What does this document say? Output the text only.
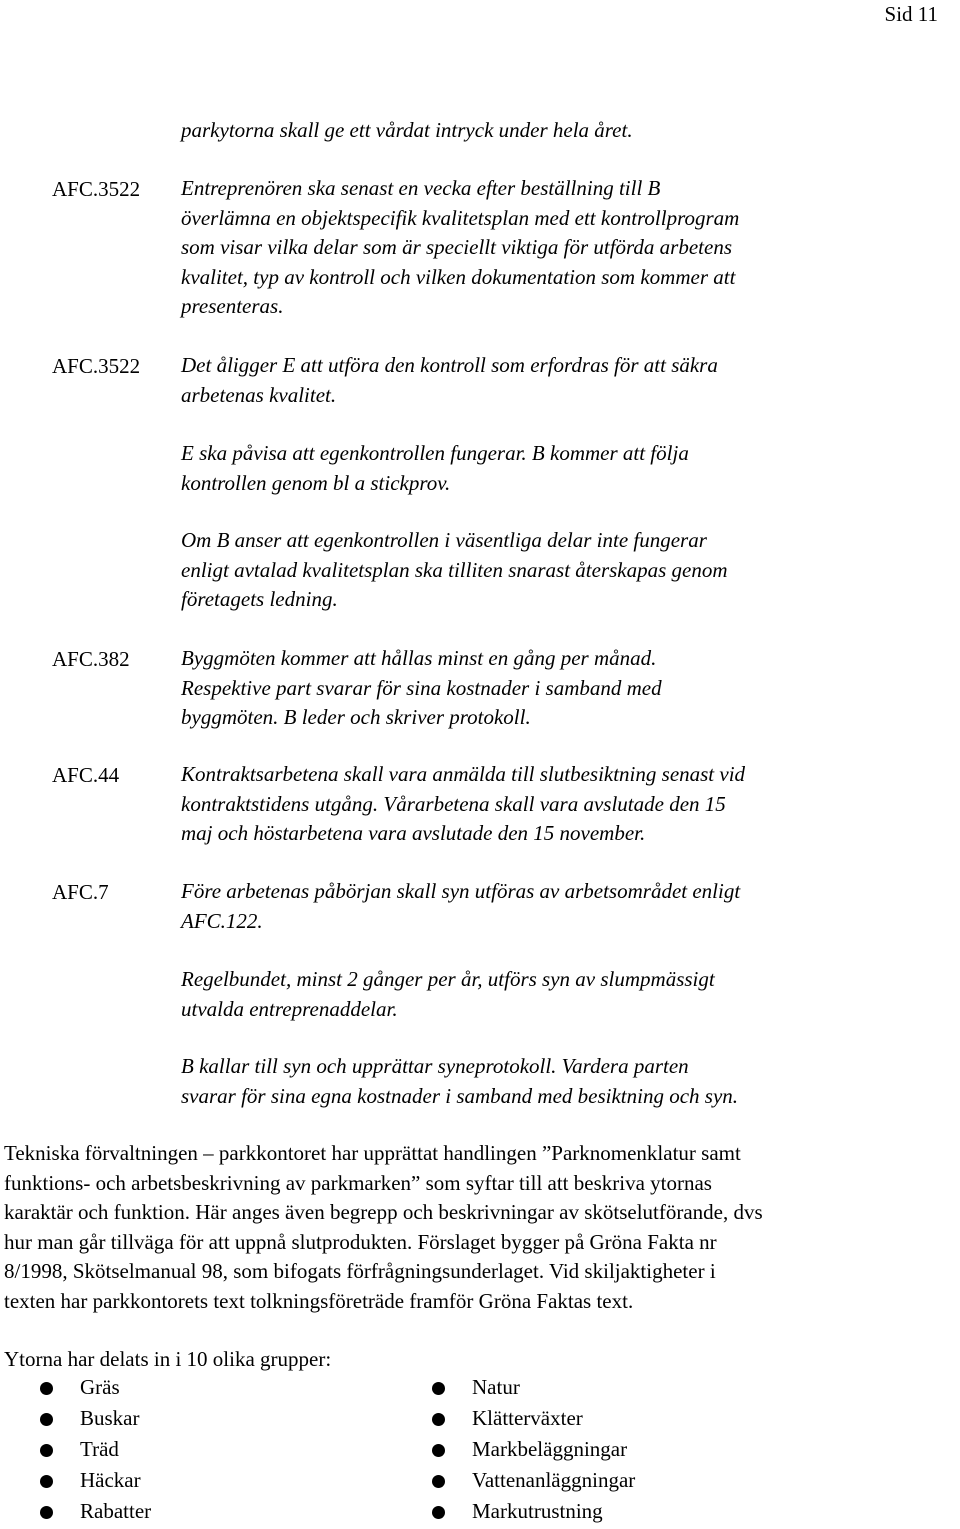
Sid 11

parkytorna skall ge ett vårdat intryck under hela året.

AFC.3522 Entreprenören ska senast en vecka efter beställning till B

överlämna en objektspecifik kvalitetsplan med ett kontrollprogram

som visar vilka delar som är speciellt viktiga för utförda arbetens

kvalitet, typ av kontroll och vilken dokumentation som kommer att

presenteras.

AFC.3522 Det åligger E att utföra den kontroll som erfordras för att säkra

arbetenas kvalitet.

E ska påvisa att egenkontrollen fungerar. B kommer att följa

kontrollen genom bl a stickprov.

Om B anser att egenkontrollen i väsentliga delar inte fungerar

enligt avtalad kvalitetsplan ska tilliten snarast återskapas genom

företagets ledning.

AFC.382 Byggmöten kommer att hållas minst en gång per månad.

Respektive part svarar för sina kostnader i samband med

byggmöten. B leder och skriver protokoll.

AFC.44	Kontraktsarbetena skall vara anmälda till slutbesiktning senast vid

kontraktstidens utgång. Vårarbetena skall vara avslutade den 15

maj och höstarbetena vara avslutade den 15 november.

AFC.7	Före arbetenas påbörjan skall syn utföras av arbetsområdet enligt

AFC.122.

Regelbundet, minst 2 gånger per år, utförs syn av slumpmässigt

utvalda entreprenaddelar.

B kallar till syn och upprättar syneprotokoll. Vardera parten

svarar för sina egna kostnader i samband med besiktning och syn.

Tekniska förvaltningen – parkkontoret har upprättat handlingen ”Parknomenklatur samt

funktions- och arbetsbeskrivning av parkmarken” som syftar till att beskriva ytornas

karaktär och funktion. Här anges även begrepp och beskrivningar av skötselutförande, dvs

hur man går tillväga för att uppnå slutprodukten. Förslaget bygger på Gröna Fakta nr

8/1998, Skötselmanual 98, som bifogats förfrågningsunderlaget. Vid skiljaktigheter i

texten har parkkontorets text tolkningsföreträde framför Gröna Faktas text.

Ytorna har delats in i 10 olika grupper:
Gräs
Buskar
Träd
Häckar
Rabatter
Natur
Klätterväxter
Markbeläggningar
Vattenanläggningar
Markutrustning
